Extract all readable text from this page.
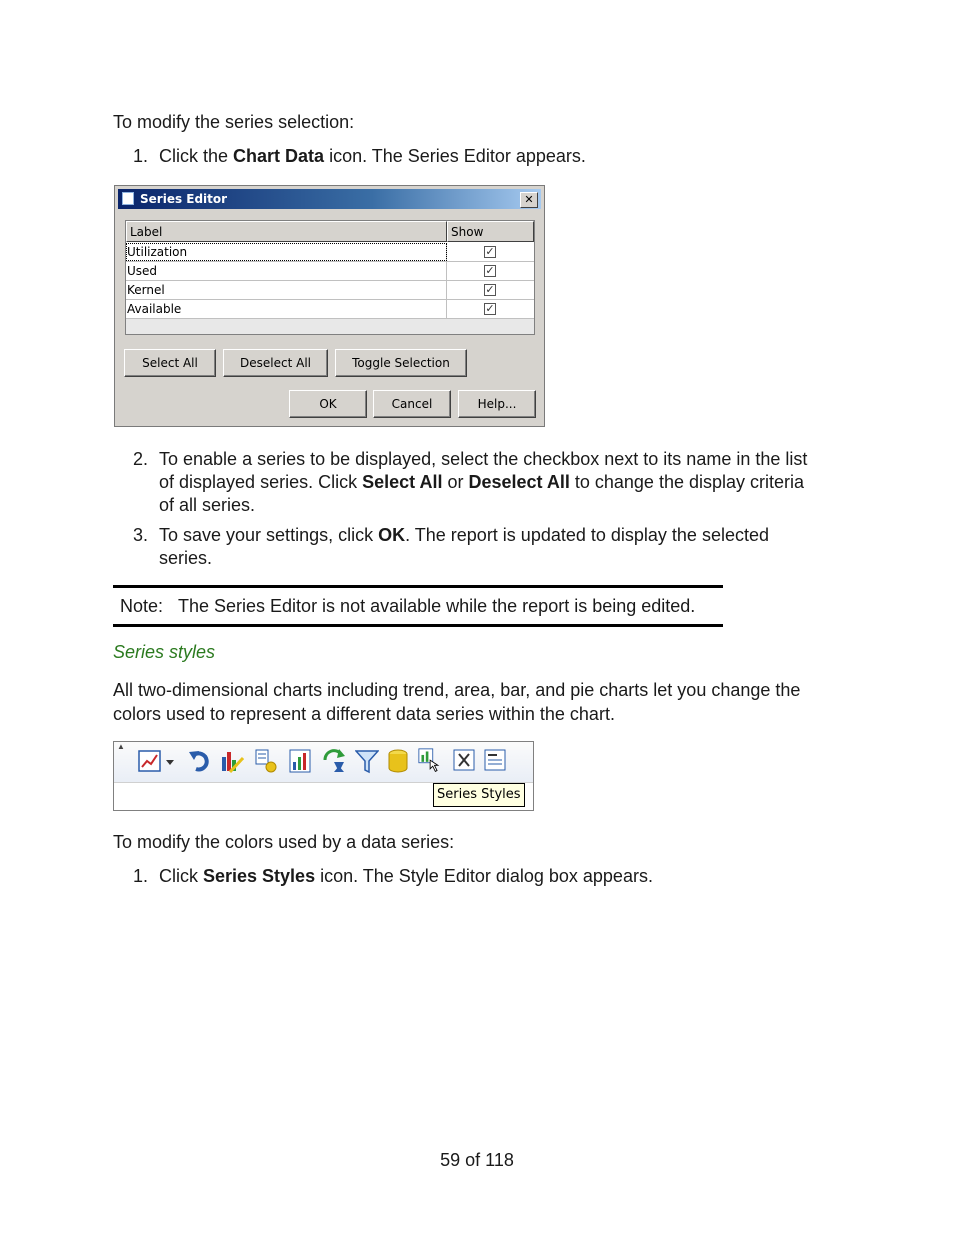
To modify the series selection:

1. Click the Chart Data icon. The Series Editor appears.

Series Editor	✕
Label	Show
Utilization	✓
Used	✓
Kernel	✓
Available	✓
Select All	Deselect All	Toggle Selection
OK	Cancel	Help...
2. To enable a series to be displayed, select the checkbox next to its name in the list

of displayed series. Click Select All or Deselect All to change the display criteria

of all series.

3. To save your settings, click OK. The report is updated to display the selected

series.

Note: The Series Editor is not available while the report is being edited.

Series styles

All two-dimensional charts including trend, area, bar, and pie charts let you change the

colors used to represent a different data series within the chart.

▲
Series Styles

To modify the colors used by a data series:

1. Click Series Styles icon. The Style Editor dialog box appears.

59 of 118
